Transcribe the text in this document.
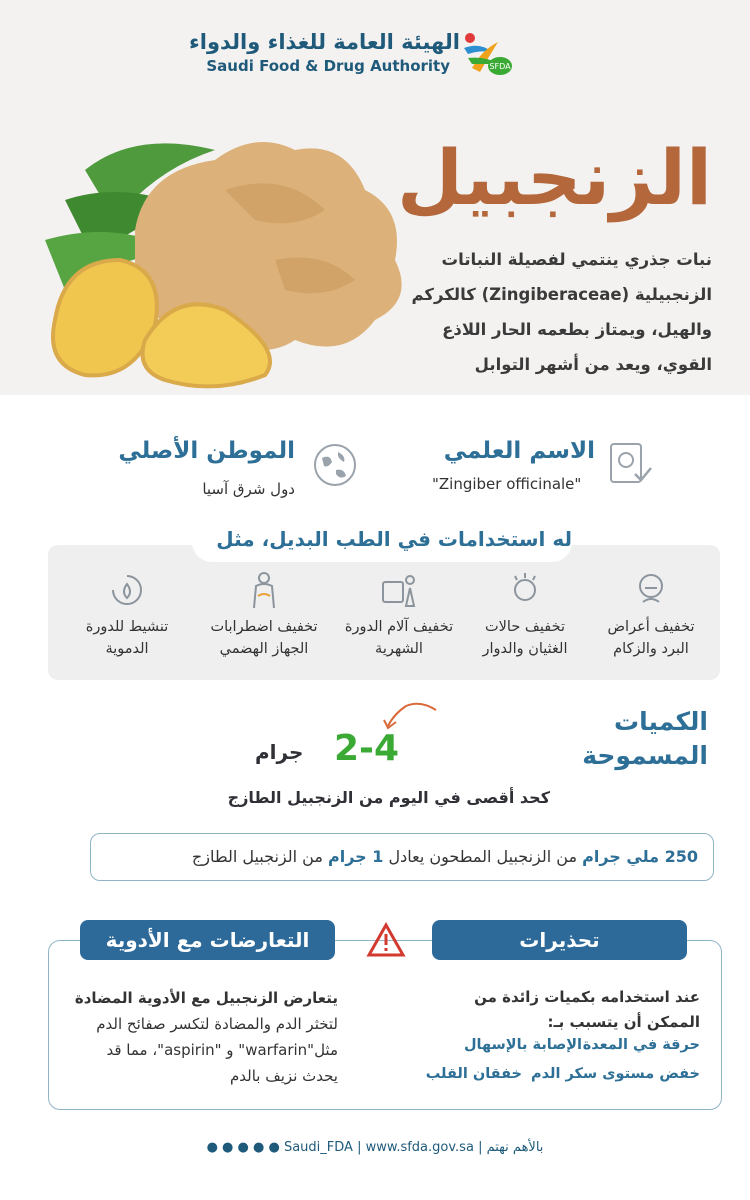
الهيئة العامة للغذاء والدواء
Saudi Food & Drug Authority	SFDA
الزنجبيل
نبات جذري ينتمي لفصيلة النباتات الزنجبيلية (Zingiberaceae) كالكركم والهيل، ويمتاز بطعمه الحار اللاذع القوي، ويعد من أشهر التوابل
الاسم العلمي
"Zingiber officinale"
الموطن الأصلي
دول شرق آسيا
له استخدامات في الطب البديل، مثل
تخفيف أعراض البرد والزكام
تخفيف حالات الغثيان والدوار
تخفيف آلام الدورة الشهرية
تخفيف اضطرابات الجهاز الهضمي
تنشيط للدورة الدموية
الكميات
المسموحة
2-4
جرام
كحد أقصى في اليوم من الزنجبيل الطازج
250 ملي جرام من الزنجبيل المطحون يعادل 1 جرام من الزنجبيل الطازج
تحذيرات
التعارضات مع الأدوية
عند استخدامه بكميات زائدة من الممكن أن يتسبب بـ:
حرقة في المعدة
الإصابة بالإسهال
خفض مستوى سكر الدم
خفقان القلب
يتعارض الزنجبيل مع الأدوية المضادة لتخثر الدم والمضادة لتكسر صفائح الدم مثل"warfarin" و "aspirin"، مما قد يحدث نزيف بالدم
● ● ● ● ● Saudi_FDA | www.sfda.gov.sa | بالأهم نهتم
